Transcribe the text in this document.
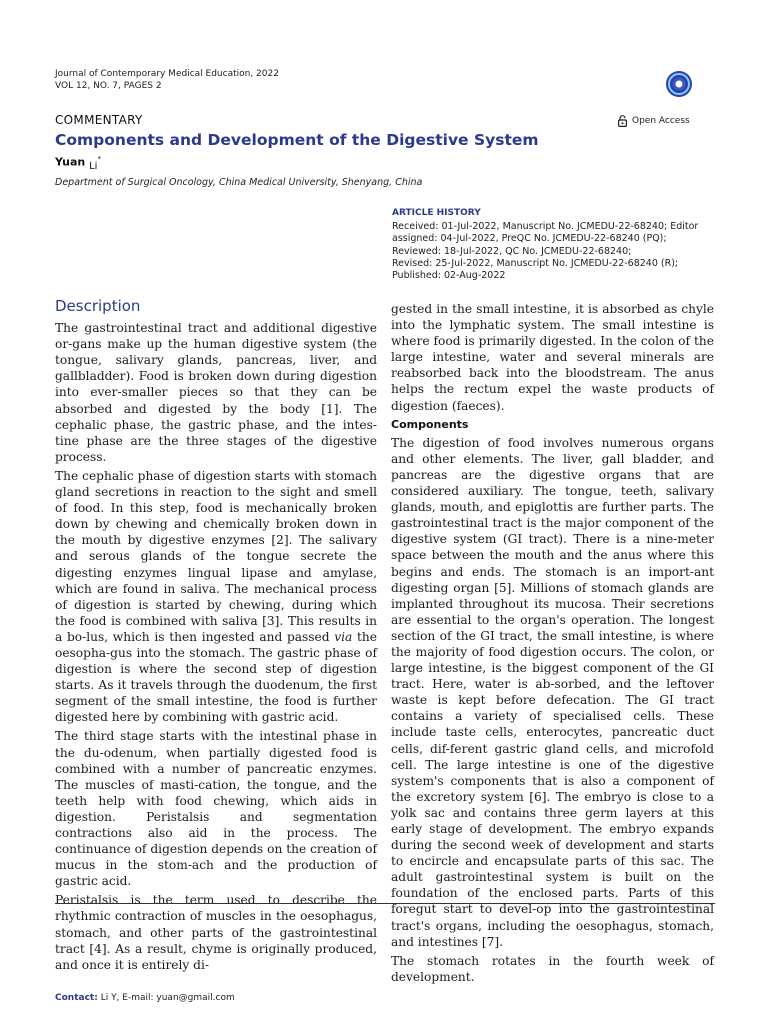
Journal of Contemporary Medical Education, 2022
VOL 12, NO. 7, PAGES 2
COMMENTARY	Open Access
Components and Development of the Digestive System
Yuan $_{Li}$*
Department of Surgical Oncology, China Medical University, Shenyang, China
ARTICLE HISTORY
Received: 01-Jul-2022, Manuscript No. JCMEDU-22-68240; Editor
assigned: 04-Jul-2022, PreQC No. JCMEDU-22-68240 (PQ);
Reviewed: 18-Jul-2022, QC No. JCMEDU-22-68240;
Revised: 25-Jul-2022, Manuscript No. JCMEDU-22-68240 (R);
Published: 02-Aug-2022
Description

The gastrointestinal tract and additional digestive or-gans make up the human digestive system (the tongue, salivary glands, pancreas, liver, and gallbladder). Food is broken down during digestion into ever-smaller pieces so that they can be absorbed and digested by the body [1]. The cephalic phase, the gastric phase, and the intes-tine phase are the three stages of the digestive process.

The cephalic phase of digestion starts with stomach gland secretions in reaction to the sight and smell of food. In this step, food is mechanically broken down by chewing and chemically broken down in the mouth by digestive enzymes [2]. The salivary and serous glands of the tongue secrete the digesting enzymes lingual lipase and amylase, which are found in saliva. The mechanical process of digestion is started by chewing, during which the food is combined with saliva [3]. This results in a bo-lus, which is then ingested and passed via the oesopha-gus into the stomach. The gastric phase of digestion is where the second step of digestion starts. As it travels through the duodenum, the first segment of the small intestine, the food is further digested here by combining with gastric acid.

The third stage starts with the intestinal phase in the du-odenum, when partially digested food is combined with a number of pancreatic enzymes. The muscles of masti-cation, the tongue, and the teeth help with food chewing, which aids in digestion. Peristalsis and segmentation contractions also aid in the process. The continuance of digestion depends on the creation of mucus in the stom-ach and the production of gastric acid.

Peristalsis is the term used to describe the rhythmic contraction of muscles in the oesophagus, stomach, and other parts of the gastrointestinal tract [4]. As a result, chyme is originally produced, and once it is entirely di-

gested in the small intestine, it is absorbed as chyle into the lymphatic system. The small intestine is where food is primarily digested. In the colon of the large intestine, water and several minerals are reabsorbed back into the bloodstream. The anus helps the rectum expel the waste products of digestion (faeces).

Components

The digestion of food involves numerous organs and other elements. The liver, gall bladder, and pancreas are the digestive organs that are considered auxiliary. The tongue, teeth, salivary glands, mouth, and epiglottis are further parts. The gastrointestinal tract is the major component of the digestive system (GI tract). There is a nine-meter space between the mouth and the anus where this begins and ends. The stomach is an import-ant digesting organ [5]. Millions of stomach glands are implanted throughout its mucosa. Their secretions are essential to the organ's operation. The longest section of the GI tract, the small intestine, is where the majority of food digestion occurs. The colon, or large intestine, is the biggest component of the GI tract. Here, water is ab-sorbed, and the leftover waste is kept before defecation. The GI tract contains a variety of specialised cells. These include taste cells, enterocytes, pancreatic duct cells, dif-ferent gastric gland cells, and microfold cell. The large intestine is one of the digestive system's components that is also a component of the excretory system [6]. The embryo is close to a yolk sac and contains three germ layers at this early stage of development. The embryo expands during the second week of development and starts to encircle and encapsulate parts of this sac. The adult gastrointestinal system is built on the foundation of the enclosed parts. Parts of this foregut start to devel-op into the gastrointestinal tract's organs, including the oesophagus, stomach, and intestines [7].

The stomach rotates in the fourth week of development.

Contact: Li Y, E-mail: yuan@gmail.com
